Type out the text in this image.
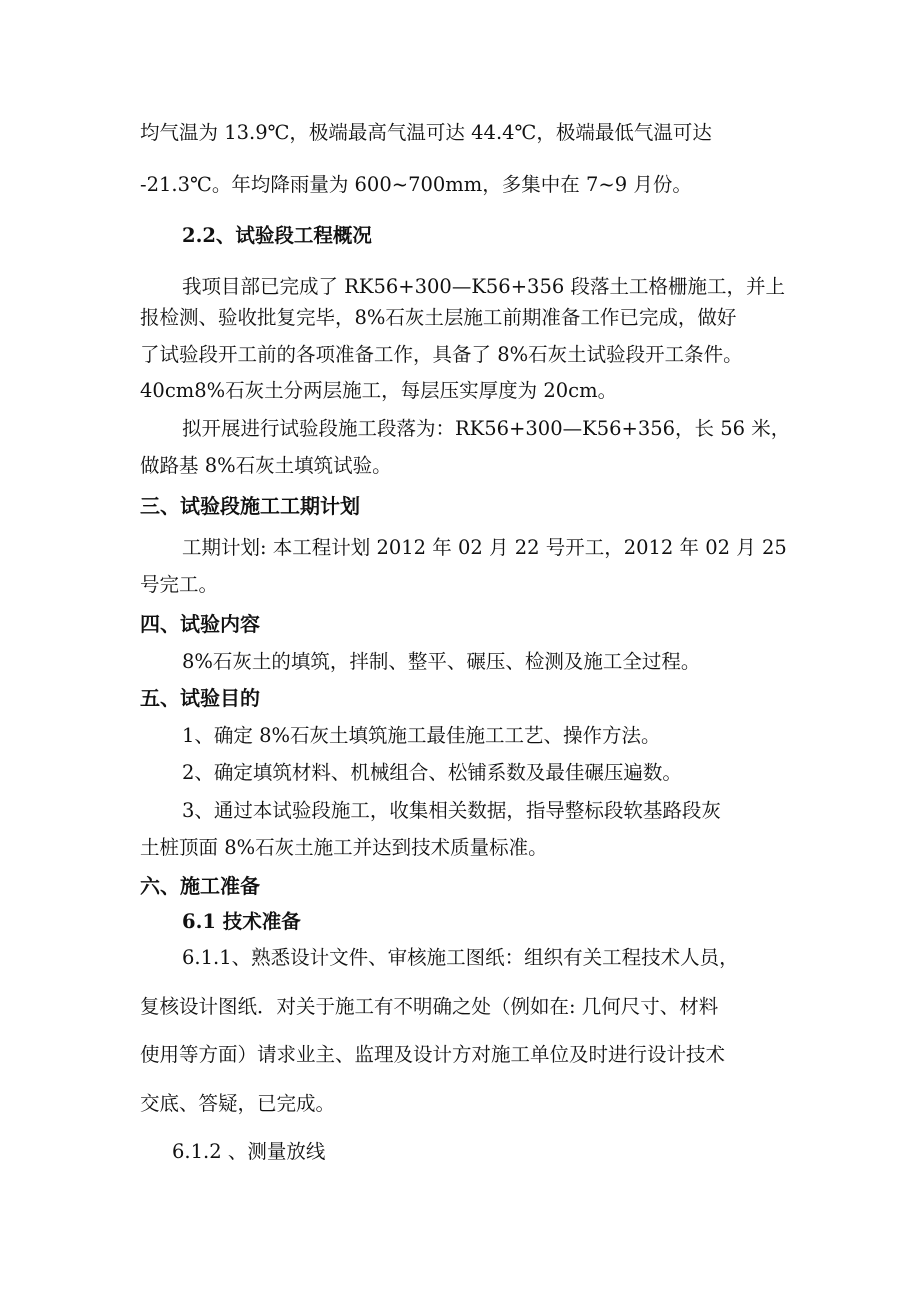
均气温为 13.9℃，极端最高气温可达 44.4℃，极端最低气温可达
-21.3℃。年均降雨量为 600~700mm，多集中在 7~9 月份。
2.2、试验段工程概况
我项目部已完成了 RK56+300—K56+356 段落土工格栅施工，并上
报检测、验收批复完毕，8%石灰土层施工前期准备工作已完成，做好
了试验段开工前的各项准备工作，具备了 8%石灰土试验段开工条件。
40cm8%石灰土分两层施工，每层压实厚度为 20cm。
拟开展进行试验段施工段落为：RK56+300—K56+356，长 56 米，
做路基 8%石灰土填筑试验。
三、试验段施工工期计划
工期计划: 本工程计划 2012 年 02 月 22 号开工，2012 年 02 月 25
号完工。
四、试验内容
8%石灰土的填筑，拌制、整平、碾压、检测及施工全过程。
五、试验目的
1、确定 8%石灰土填筑施工最佳施工工艺、操作方法。
2、确定填筑材料、机械组合、松铺系数及最佳碾压遍数。
3、通过本试验段施工，收集相关数据，指导整标段软基路段灰
土桩顶面 8%石灰土施工并达到技术质量标准。
六、施工准备
6.1 技术准备
6.1.1、熟悉设计文件、审核施工图纸：组织有关工程技术人员，
复核设计图纸．对关于施工有不明确之处（例如在: 几何尺寸、材料
使用等方面）请求业主、监理及设计方对施工单位及时进行设计技术
交底、答疑，已完成。
6.1.2 、测量放线
